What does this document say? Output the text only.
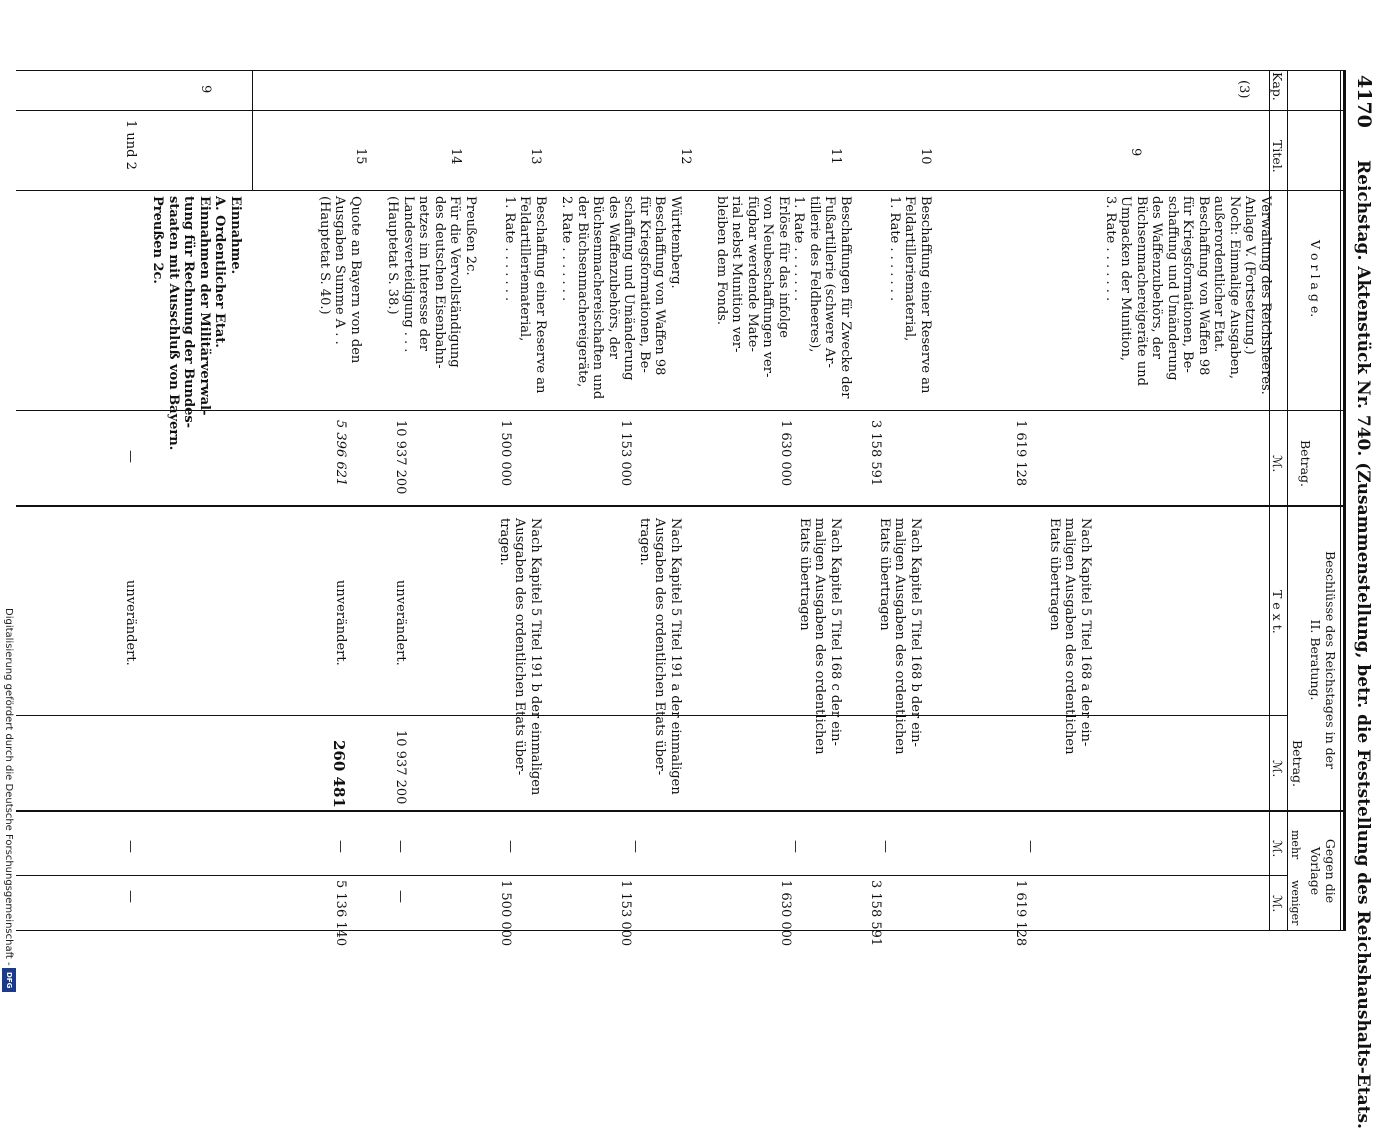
4170
Reichstag. Aktenstück Nr. 740. (Zusammenstellung, betr. die Feststellung des Reichshaushalts-Etats.
Kap.
Titel.
V o r l a g e.
Betrag.
ℳ.
Beschlüsse des Reichstages in der
II. Beratung.
T e x t.
Betrag.
ℳ.
Gegen die
Vorlage
mehr
weniger
ℳ.
ℳ.
(3)
9
9
Verwaltung des Reichsheeres.
Anlage V. (Fortsetzung.)
Noch: Einmalige Ausgaben,
außerordentlicher Etat.
Beschaffung von Waffen 98
für Kriegsformationen, Be-
schaffung und Umänderung
des Waffenzubehörs, der
Büchsenmachereigeräte und
Umpacken der Munition,
3. Rate . . . . . . .
1 619 128
Nach Kapitel 5 Titel 168 a der ein-
maligen Ausgaben des ordentlichen
Etats übertragen
—
1 619 128
10
Beschaffung einer Reserve an
Feldartilleriematerial,
1. Rate . . . . . . .
3 158 591
Nach Kapitel 5 Titel 168 b der ein-
maligen Ausgaben des ordentlichen
Etats übertragen
—
3 158 591
11
Beschaffungen für Zwecke der
Fußartillerie (schwere Ar-
tillerie des Feldheeres),
1. Rate . . . . . . .
Erlöse für das infolge
von Neubeschaffungen ver-
fügbar werdende Mate-
rial nebst Munition ver-
bleiben dem Fonds.
1 630 000
Nach Kapitel 5 Titel 168 c der ein-
maligen Ausgaben des ordentlichen
Etats übertragen
—
1 630 000
12
Württemberg.
Beschaffung von Waffen 98
für Kriegsformationen, Be-
schaffung und Umänderung
des Waffenzubehörs, der
Büchsenmachereischaften und
der Büchsenmachereigeräte,
2. Rate . . . . . . .
1 153 000
Nach Kapitel 5 Titel 191 a der einmaligen
Ausgaben des ordentlichen Etats über-
tragen.
—
1 153 000
13
Beschaffung einer Reserve an
Feldartilleriematerial,
1. Rate . . . . . . .
1 500 000
Nach Kapitel 5 Titel 191 b der einmaligen
Ausgaben des ordentlichen Etats über-
tragen.
—
1 500 000
14
Preußen 2c.
Für die Vervollständigung
des deutschen Eisenbahn-
netzes im Interesse der
Landesverteidigung . . .
(Hauptetat S. 38.)
10 937 200
unverändert.
10 937 200
—
—
15
Quote an Bayern von den
Ausgaben Summe A . .
(Hauptetat S. 40.)
5 396 621
unverändert.
260 481
—
5 136 140
1 und 2
Einnahme.
A. Ordentlicher Etat.
Einnahmen der Militärverwal-
tung für Rechnung der Bundes-
staaten mit Ausschluß von Bayern.
Preußen 2c.
—
unverändert.
—
—
Digitalisierung gefördert durch die Deutsche Forschungsgemeinschaft -
DFG
